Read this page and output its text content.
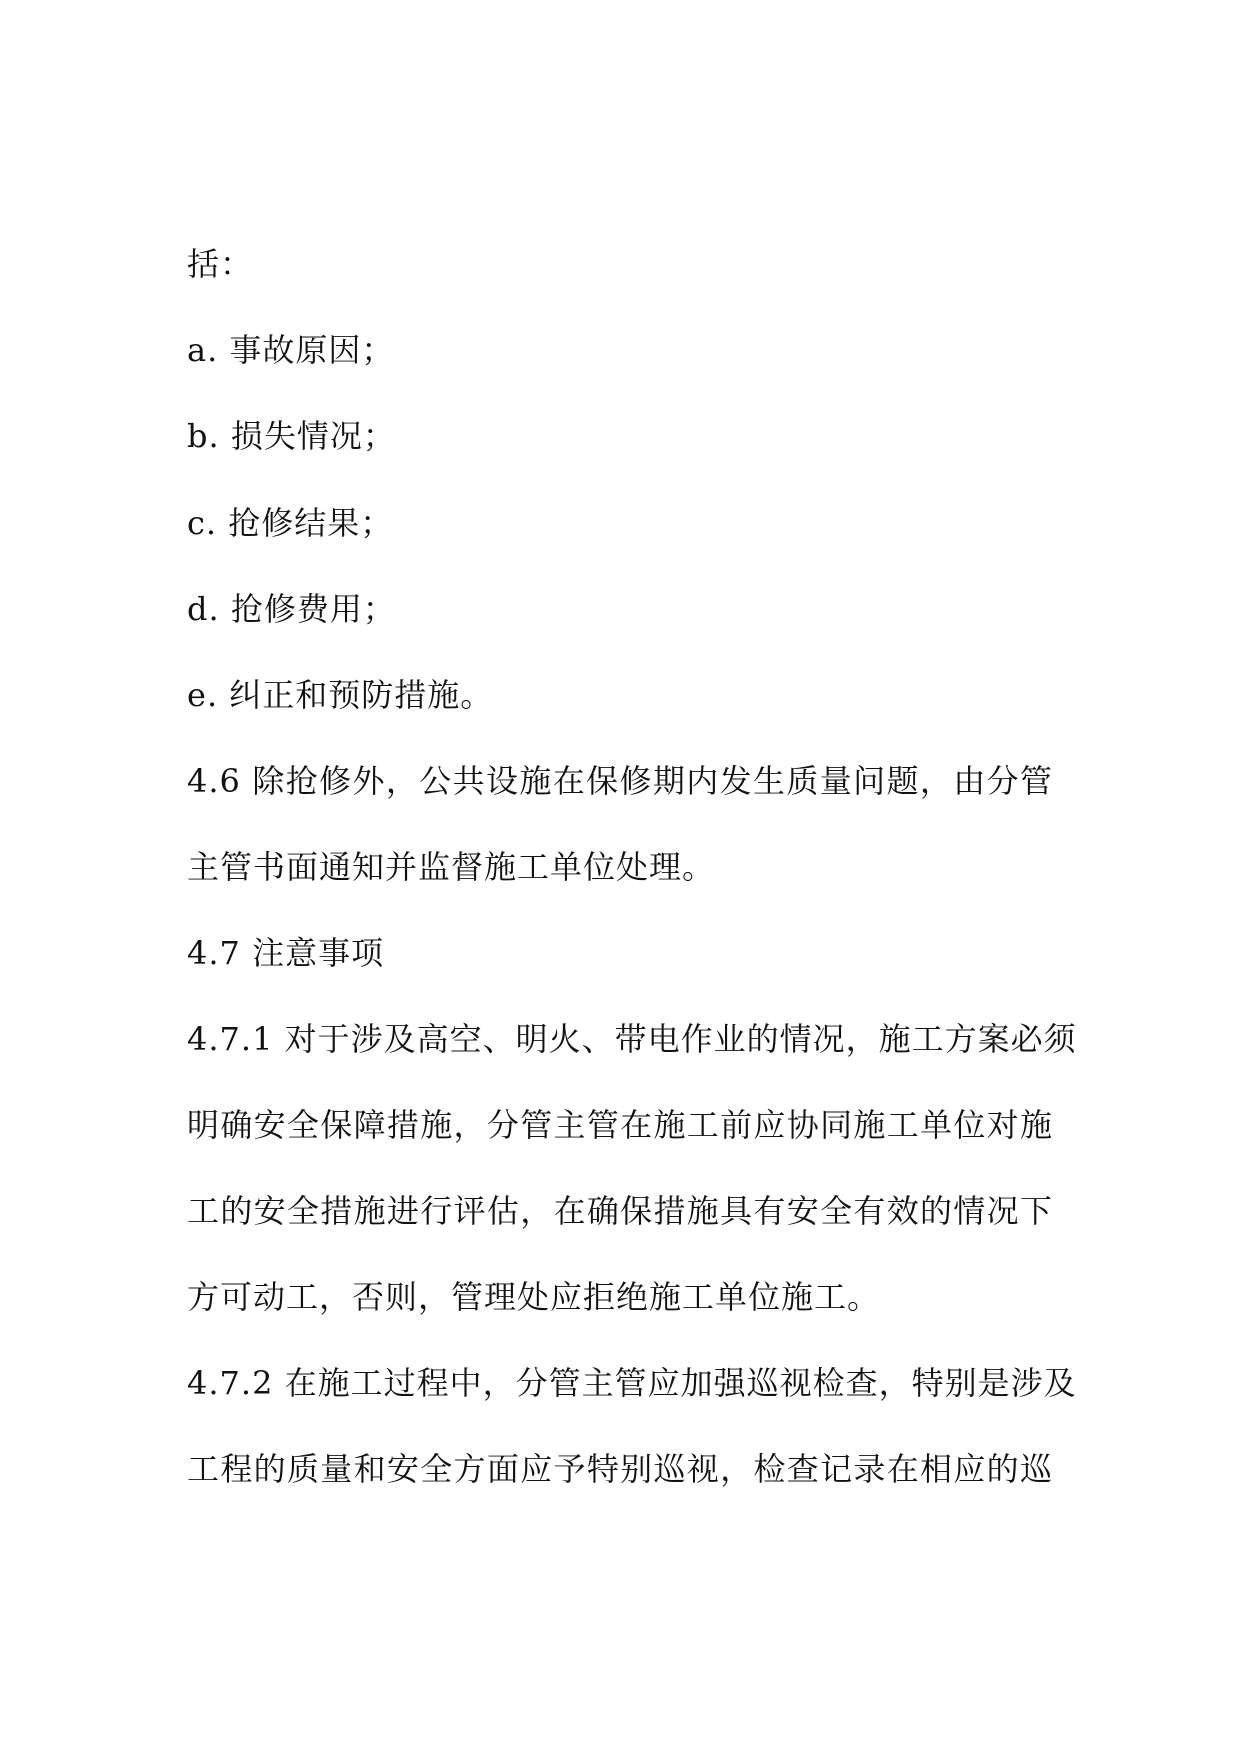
括：
a. 事故原因；
b. 损失情况；
c. 抢修结果；
d. 抢修费用；
e. 纠正和预防措施。
4.6 除抢修外，公共设施在保修期内发生质量问题，由分管
主管书面通知并监督施工单位处理。
4.7 注意事项
4.7.1 对于涉及高空、明火、带电作业的情况，施工方案必须
明确安全保障措施，分管主管在施工前应协同施工单位对施
工的安全措施进行评估，在确保措施具有安全有效的情况下
方可动工，否则，管理处应拒绝施工单位施工。
4.7.2 在施工过程中，分管主管应加强巡视检查，特别是涉及
工程的质量和安全方面应予特别巡视，检查记录在相应的巡
